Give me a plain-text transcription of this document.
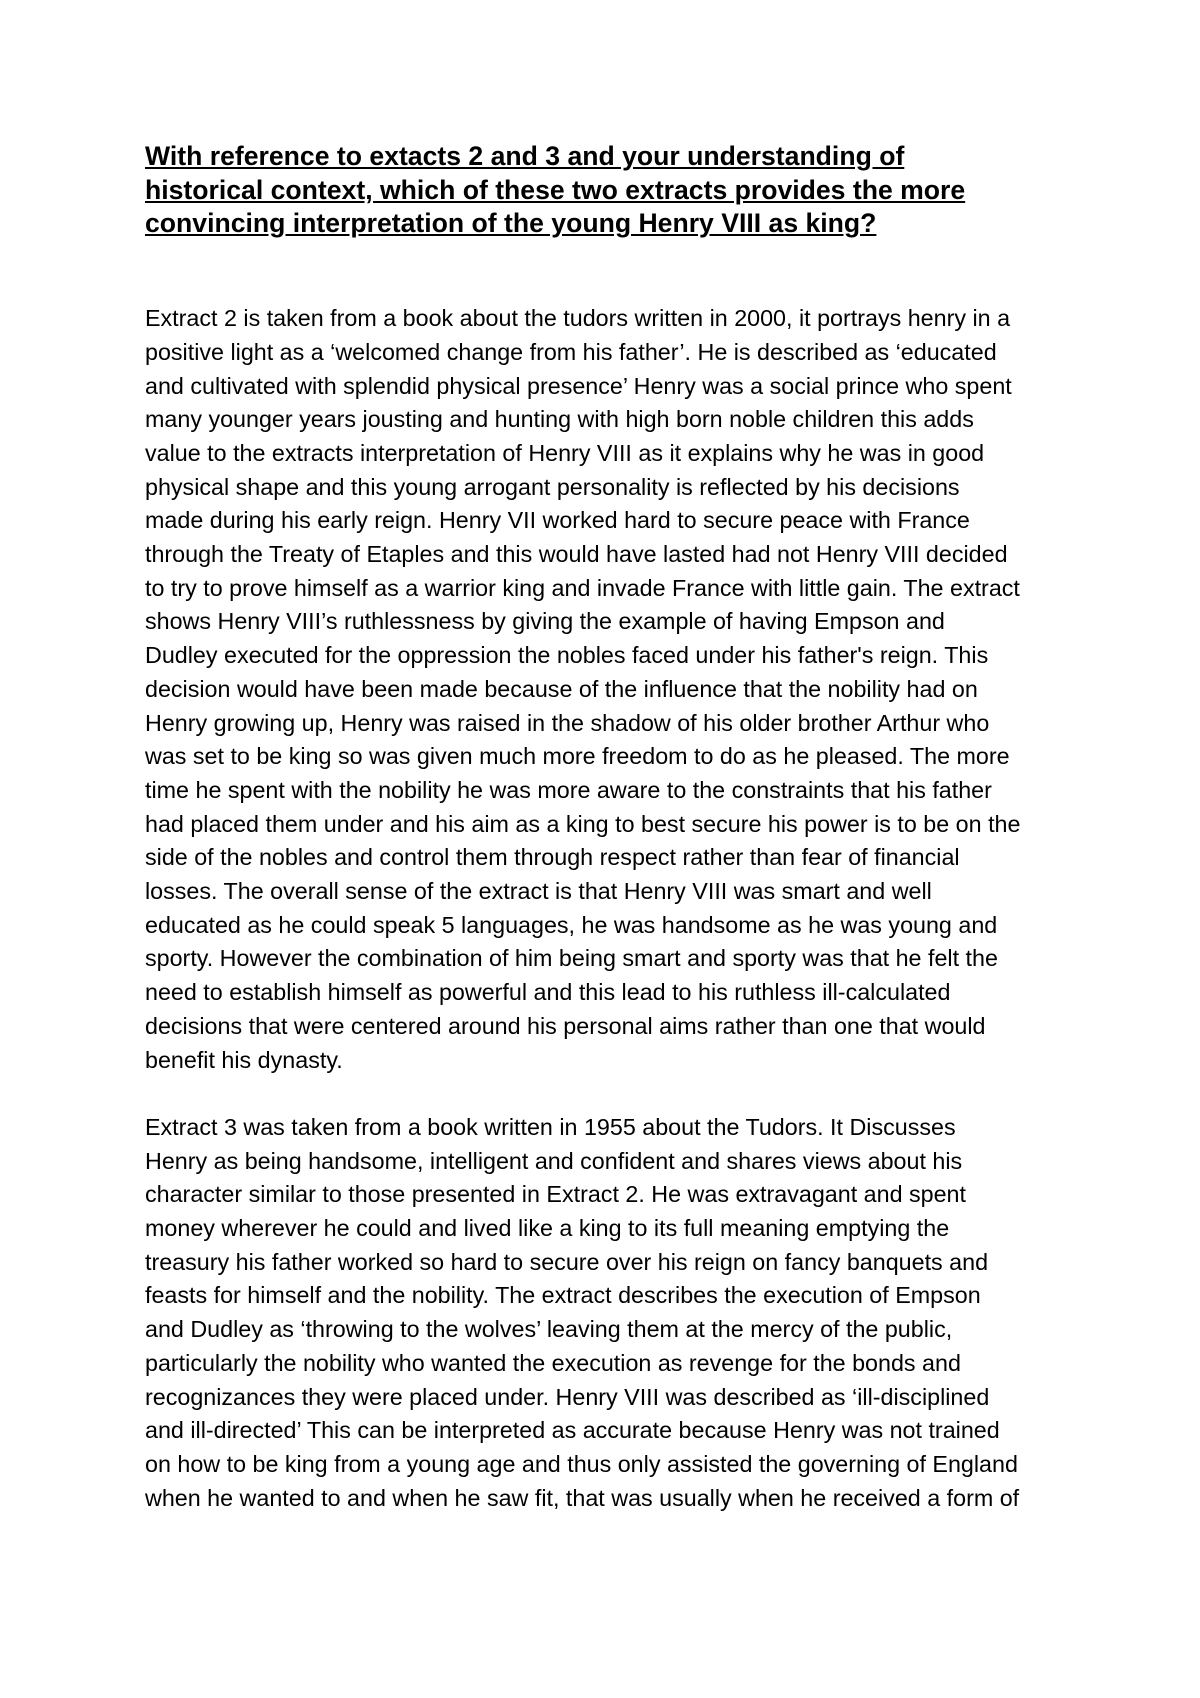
With reference to extacts 2 and 3 and your understanding of
historical context, which of these two extracts provides the more
convincing interpretation of the young Henry VIII as king?
Extract 2 is taken from a book about the tudors written in 2000, it portrays henry in a
positive light as a ‘welcomed change from his father’. He is described as ‘educated
and cultivated with splendid physical presence’ Henry was a social prince who spent
many younger years jousting and hunting with high born noble children this adds
value to the extracts interpretation of Henry VIII as it explains why he was in good
physical shape and this young arrogant personality is reflected by his decisions
made during his early reign. Henry VII worked hard to secure peace with France
through the Treaty of Etaples and this would have lasted had not Henry VIII decided
to try to prove himself as a warrior king and invade France with little gain. The extract
shows Henry VIII’s ruthlessness by giving the example of having Empson and
Dudley executed for the oppression the nobles faced under his father's reign. This
decision would have been made because of the influence that the nobility had on
Henry growing up, Henry was raised in the shadow of his older brother Arthur who
was set to be king so was given much more freedom to do as he pleased. The more
time he spent with the nobility he was more aware to the constraints that his father
had placed them under and his aim as a king to best secure his power is to be on the
side of the nobles and control them through respect rather than fear of financial
losses. The overall sense of the extract is that Henry VIII was smart and well
educated as he could speak 5 languages, he was handsome as he was young and
sporty. However the combination of him being smart and sporty was that he felt the
need to establish himself as powerful and this lead to his ruthless ill-calculated
decisions that were centered around his personal aims rather than one that would
benefit his dynasty.
Extract 3 was taken from a book written in 1955 about the Tudors. It Discusses
Henry as being handsome, intelligent and confident and shares views about his
character similar to those presented in Extract 2. He was extravagant and spent
money wherever he could and lived like a king to its full meaning emptying the
treasury his father worked so hard to secure over his reign on fancy banquets and
feasts for himself and the nobility. The extract describes the execution of Empson
and Dudley as ‘throwing to the wolves’ leaving them at the mercy of the public,
particularly the nobility who wanted the execution as revenge for the bonds and
recognizances they were placed under. Henry VIII was described as ‘ill-disciplined
and ill-directed’ This can be interpreted as accurate because Henry was not trained
on how to be king from a young age and thus only assisted the governing of England
when he wanted to and when he saw fit, that was usually when he received a form of
